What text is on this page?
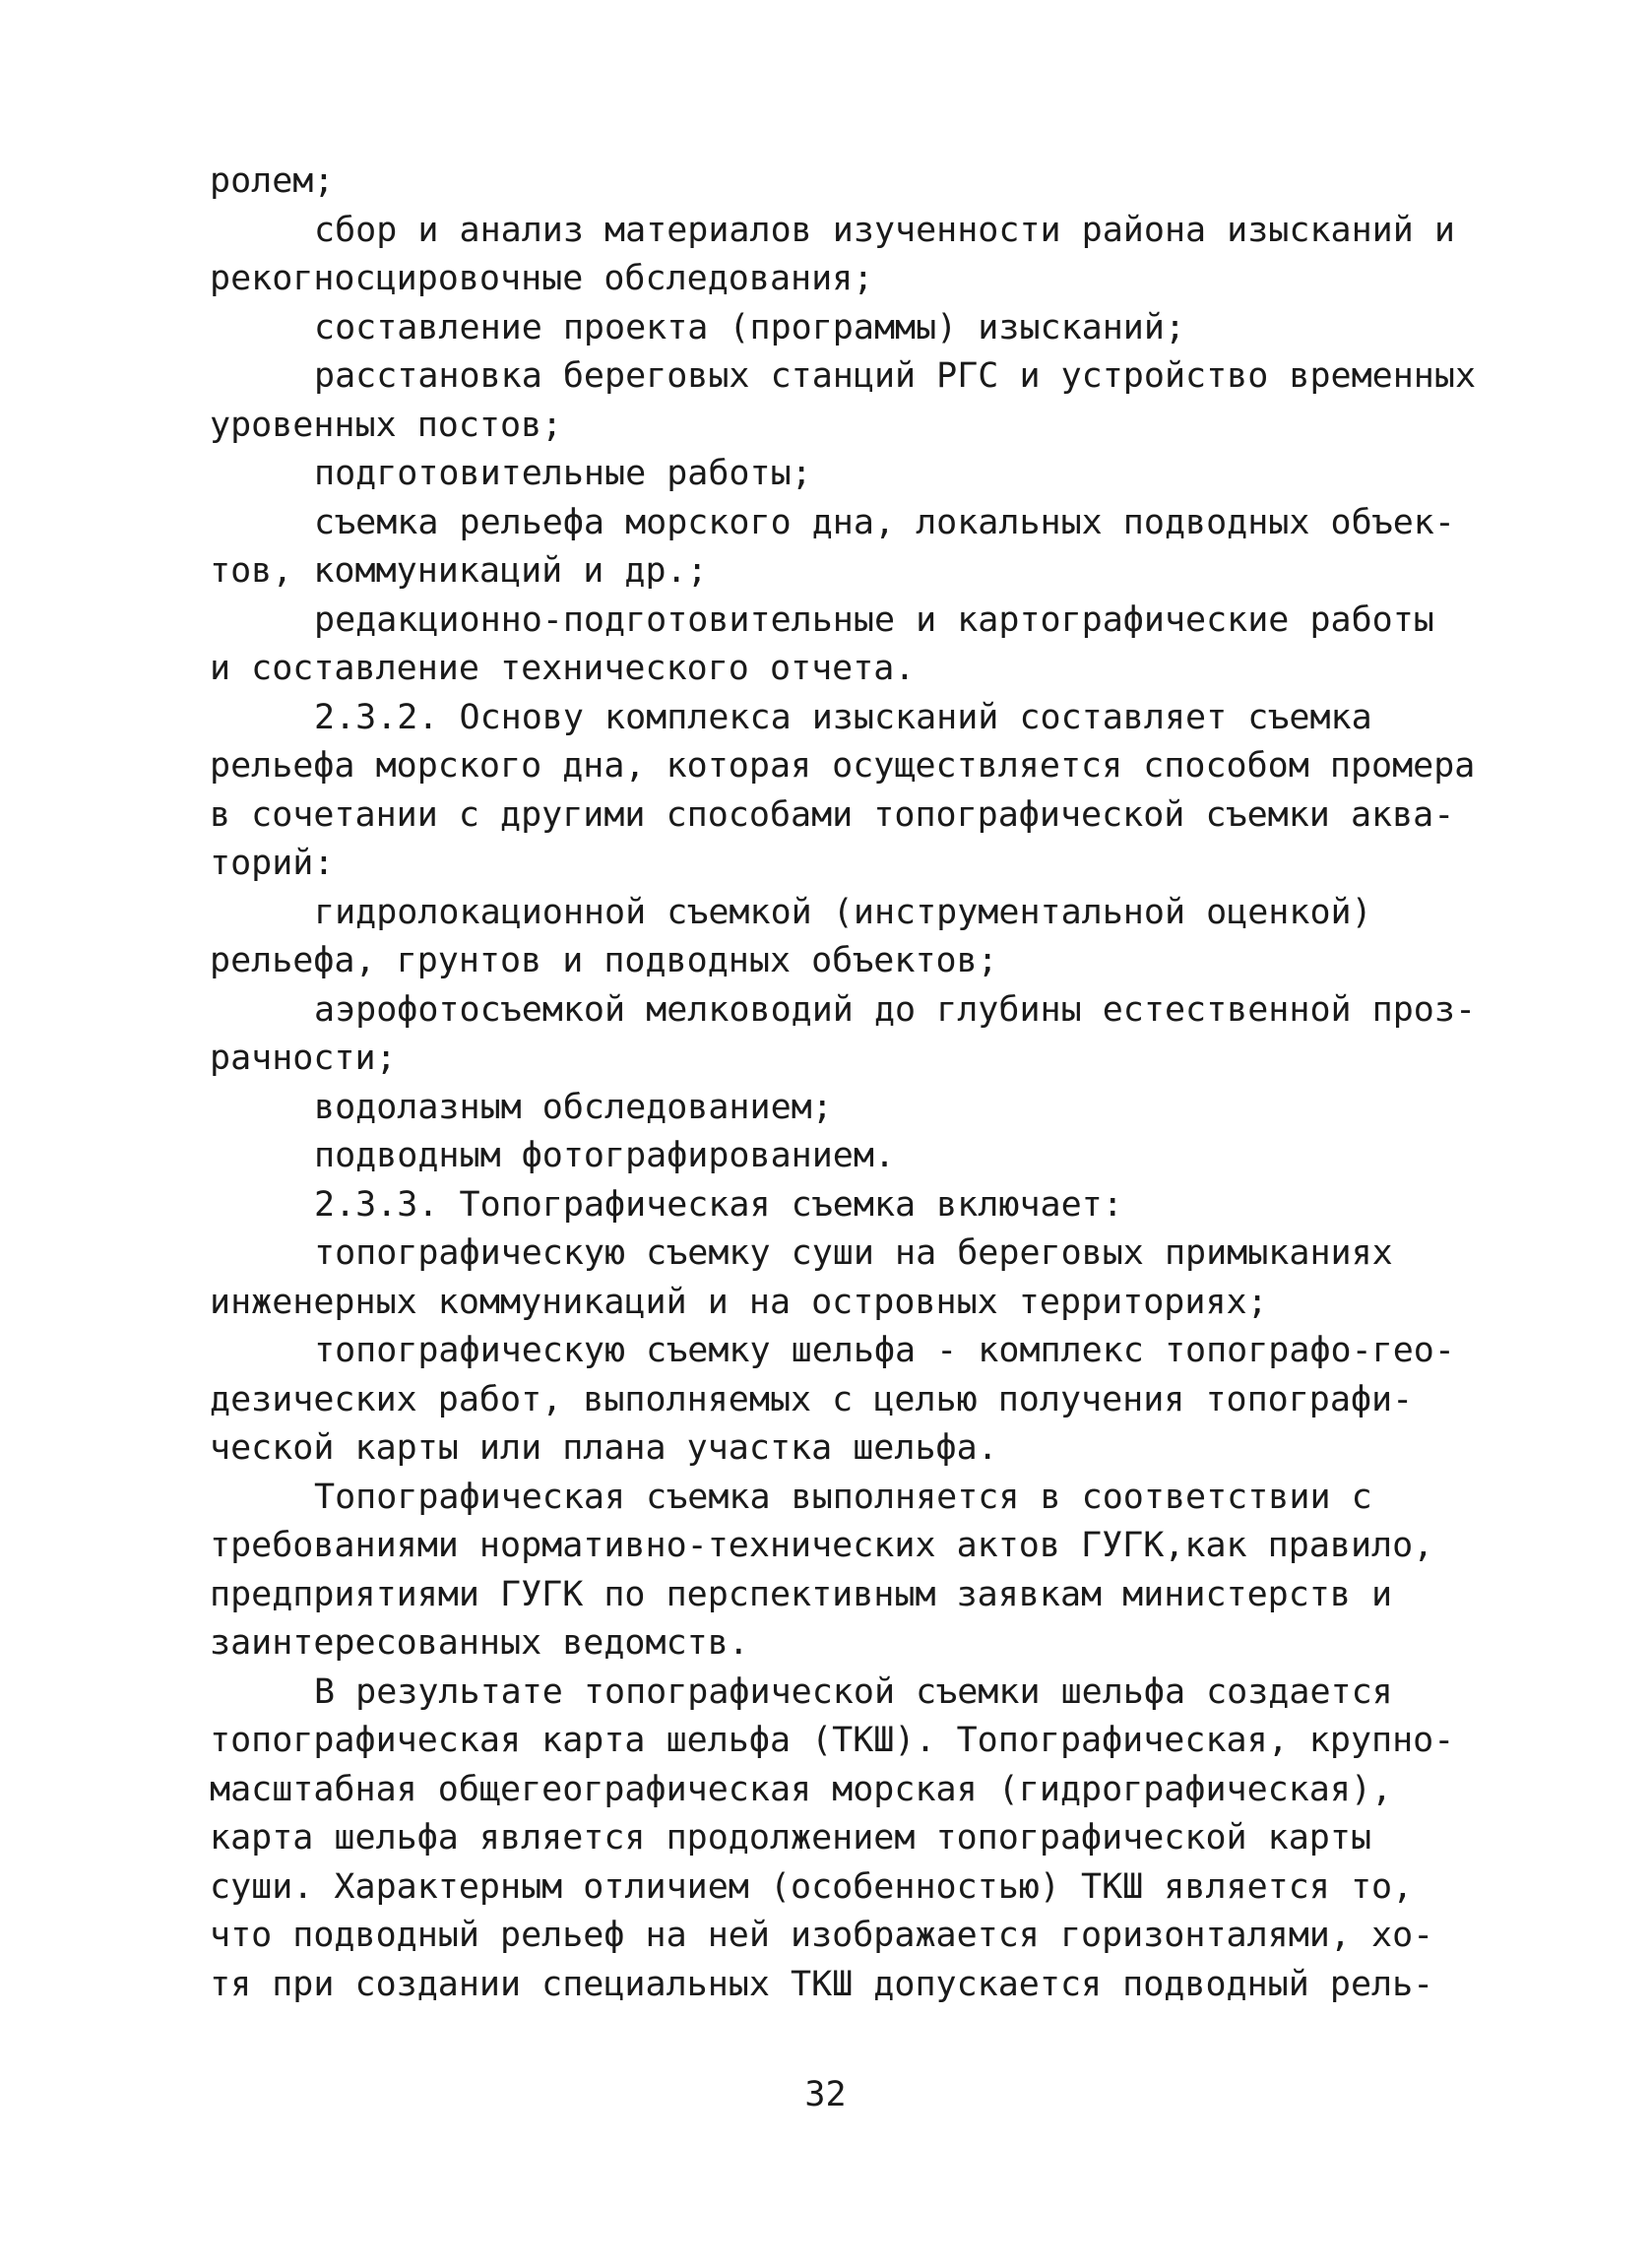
ролем;
сбор и анализ материалов изученности района изысканий и
рекогносцировочные обследования;
составление проекта (программы) изысканий;
расстановка береговых станций РГС и устройство временных
уровенных постов;
подготовительные работы;
съемка рельефа морского дна, локальных подводных объек-
тов, коммуникаций и др.;
редакционно-подготовительные и картографические работы
и составление технического отчета.
2.3.2. Основу комплекса изысканий составляет съемка
рельефа морского дна, которая осуществляется способом промера
в сочетании с другими способами топографической съемки аква-
торий:
гидролокационной съемкой (инструментальной оценкой)
рельефа, грунтов и подводных объектов;
аэрофотосъемкой мелководий до глубины естественной проз-
рачности;
водолазным обследованием;
подводным фотографированием.
2.3.3. Топографическая съемка включает:
топографическую съемку суши на береговых примыканиях
инженерных коммуникаций и на островных территориях;
топографическую съемку шельфа - комплекс топографо-гео-
дезических работ, выполняемых с целью получения топографи-
ческой карты или плана участка шельфа.
Топографическая съемка выполняется в соответствии с
требованиями нормативно-технических актов ГУГК,как правило,
предприятиями ГУГК по перспективным заявкам министерств и
заинтересованных ведомств.
В результате топографической съемки шельфа создается
топографическая карта шельфа (ТКШ). Топографическая, крупно-
масштабная общегеографическая морская (гидрографическая),
карта шельфа является продолжением топографической карты
суши. Характерным отличием (особенностью) ТКШ является то,
что подводный рельеф на ней изображается горизонталями, хо-
тя при создании специальных ТКШ допускается подводный рель-
32
